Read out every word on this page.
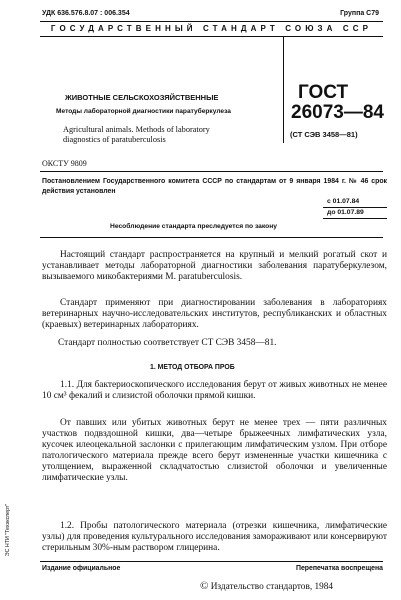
УДК 636.576.8.07 : 006.354	Группа С79
ГОСУДАРСТВЕННЫЙ СТАНДАРТ СОЮЗА ССР
ЖИВОТНЫЕ СЕЛЬСКОХОЗЯЙСТВЕННЫЕ
Методы лабораторной диагностики паратуберкулеза
Agricultural animals. Methods of laboratory
diagnostics of paratuberculosis
ГОСТ
26073—84
(СТ СЭВ 3458—81)
ОКСТУ 9809
Постановлением Государственного комитета СССР по стандартам от 9 января 1984 г. № 46 срок действия установлен
с 01.07.84
до 01.07.89
Несоблюдение стандарта преследуется по закону
Настоящий стандарт распространяется на крупный и мелкий рогатый скот и устанавливает методы лабораторной диагностики заболевания паратуберкулезом, вызываемого микобактериями M. paratuberculosis.
Стандарт применяют при диагностировании заболевания в лабораториях ветеринарных научно-исследовательских институтов, республиканских и областных (краевых) ветеринарных лабораториях.
Стандарт полностью соответствует СТ СЭВ 3458—81.
1. МЕТОД ОТБОРА ПРОБ
1.1. Для бактериоскопического исследования берут от живых животных не менее 10 см³ фекалий и слизистой оболочки прямой кишки.
От павших или убитых животных берут не менее трех — пяти различных участков подвздошной кишки, два—четыре брыжеечных лимфатических узла, кусочек илеоцекальной заслонки с прилегающим лимфатическим узлом. При отборе патологического материала прежде всего берут измененные участки кишечника с утолщением, выраженной складчатостью слизистой оболочки и увеличенные лимфатические узлы.
1.2. Пробы патологического материала (отрезки кишечника, лимфатические узлы) для проведения культурального исследования замораживают или консервируют стерильным 30%-ным раствором глицерина.
ЭС НТИ "Техэксперт"
Издание официальное	Перепечатка воспрещена
© Издательство стандартов, 1984
